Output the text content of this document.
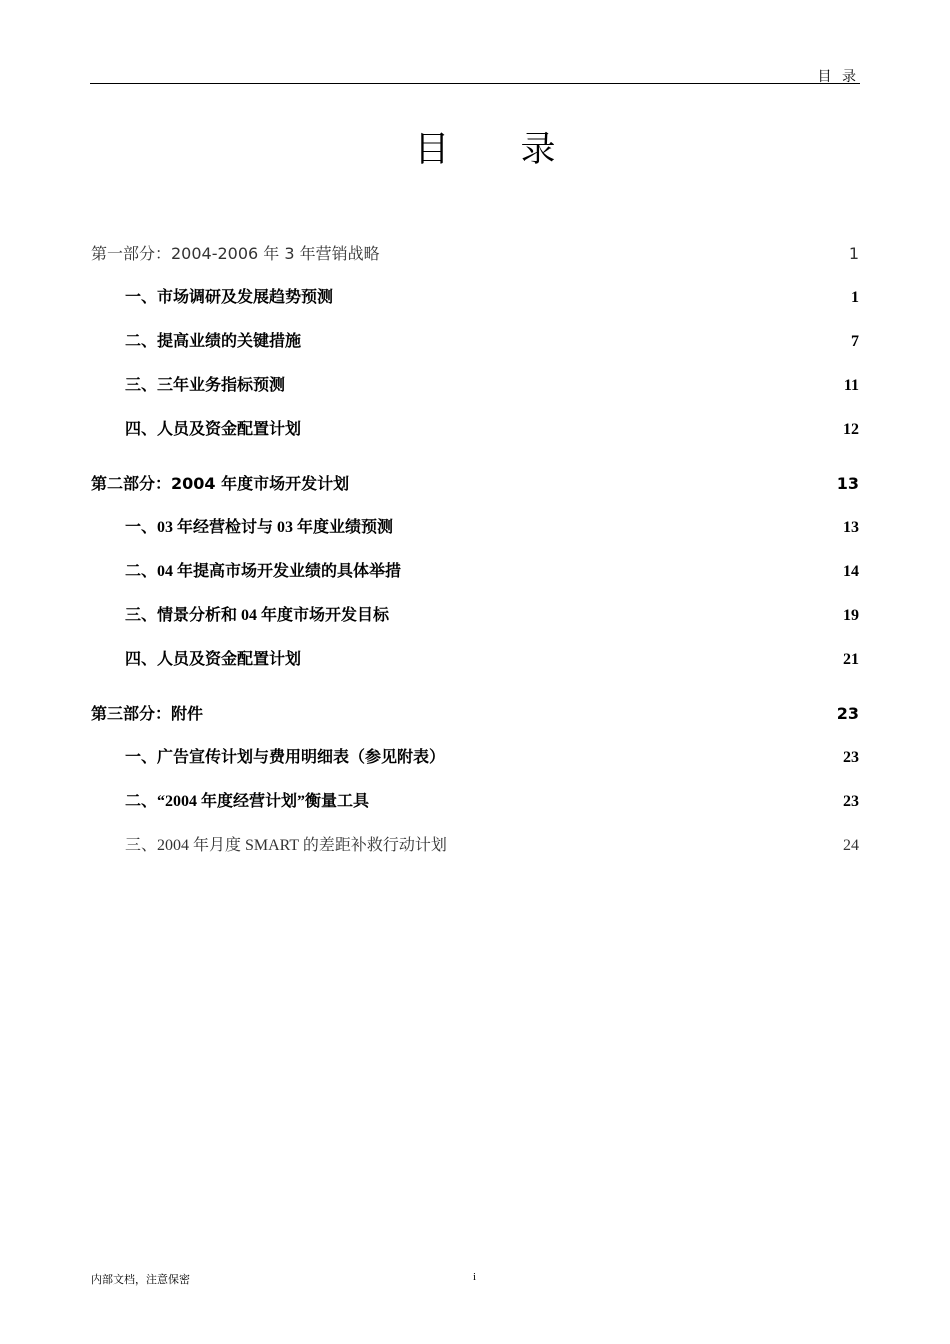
目 录
目 录
第一部分：2004-2006 年 3 年营销战略	1
一、市场调研及发展趋势预测	1
二、提高业绩的关键措施	7
三、三年业务指标预测	11
四、人员及资金配置计划	12
第二部分：2004 年度市场开发计划	13
一、03 年经营检讨与 03 年度业绩预测	13
二、04 年提高市场开发业绩的具体举措	14
三、情景分析和 04 年度市场开发目标	19
四、人员及资金配置计划	21
第三部分：附件	23
一、广告宣传计划与费用明细表（参见附表）	23
二、“2004 年度经营计划”衡量工具	23
三、2004 年月度 SMART 的差距补救行动计划	24
内部文档，注意保密	i
